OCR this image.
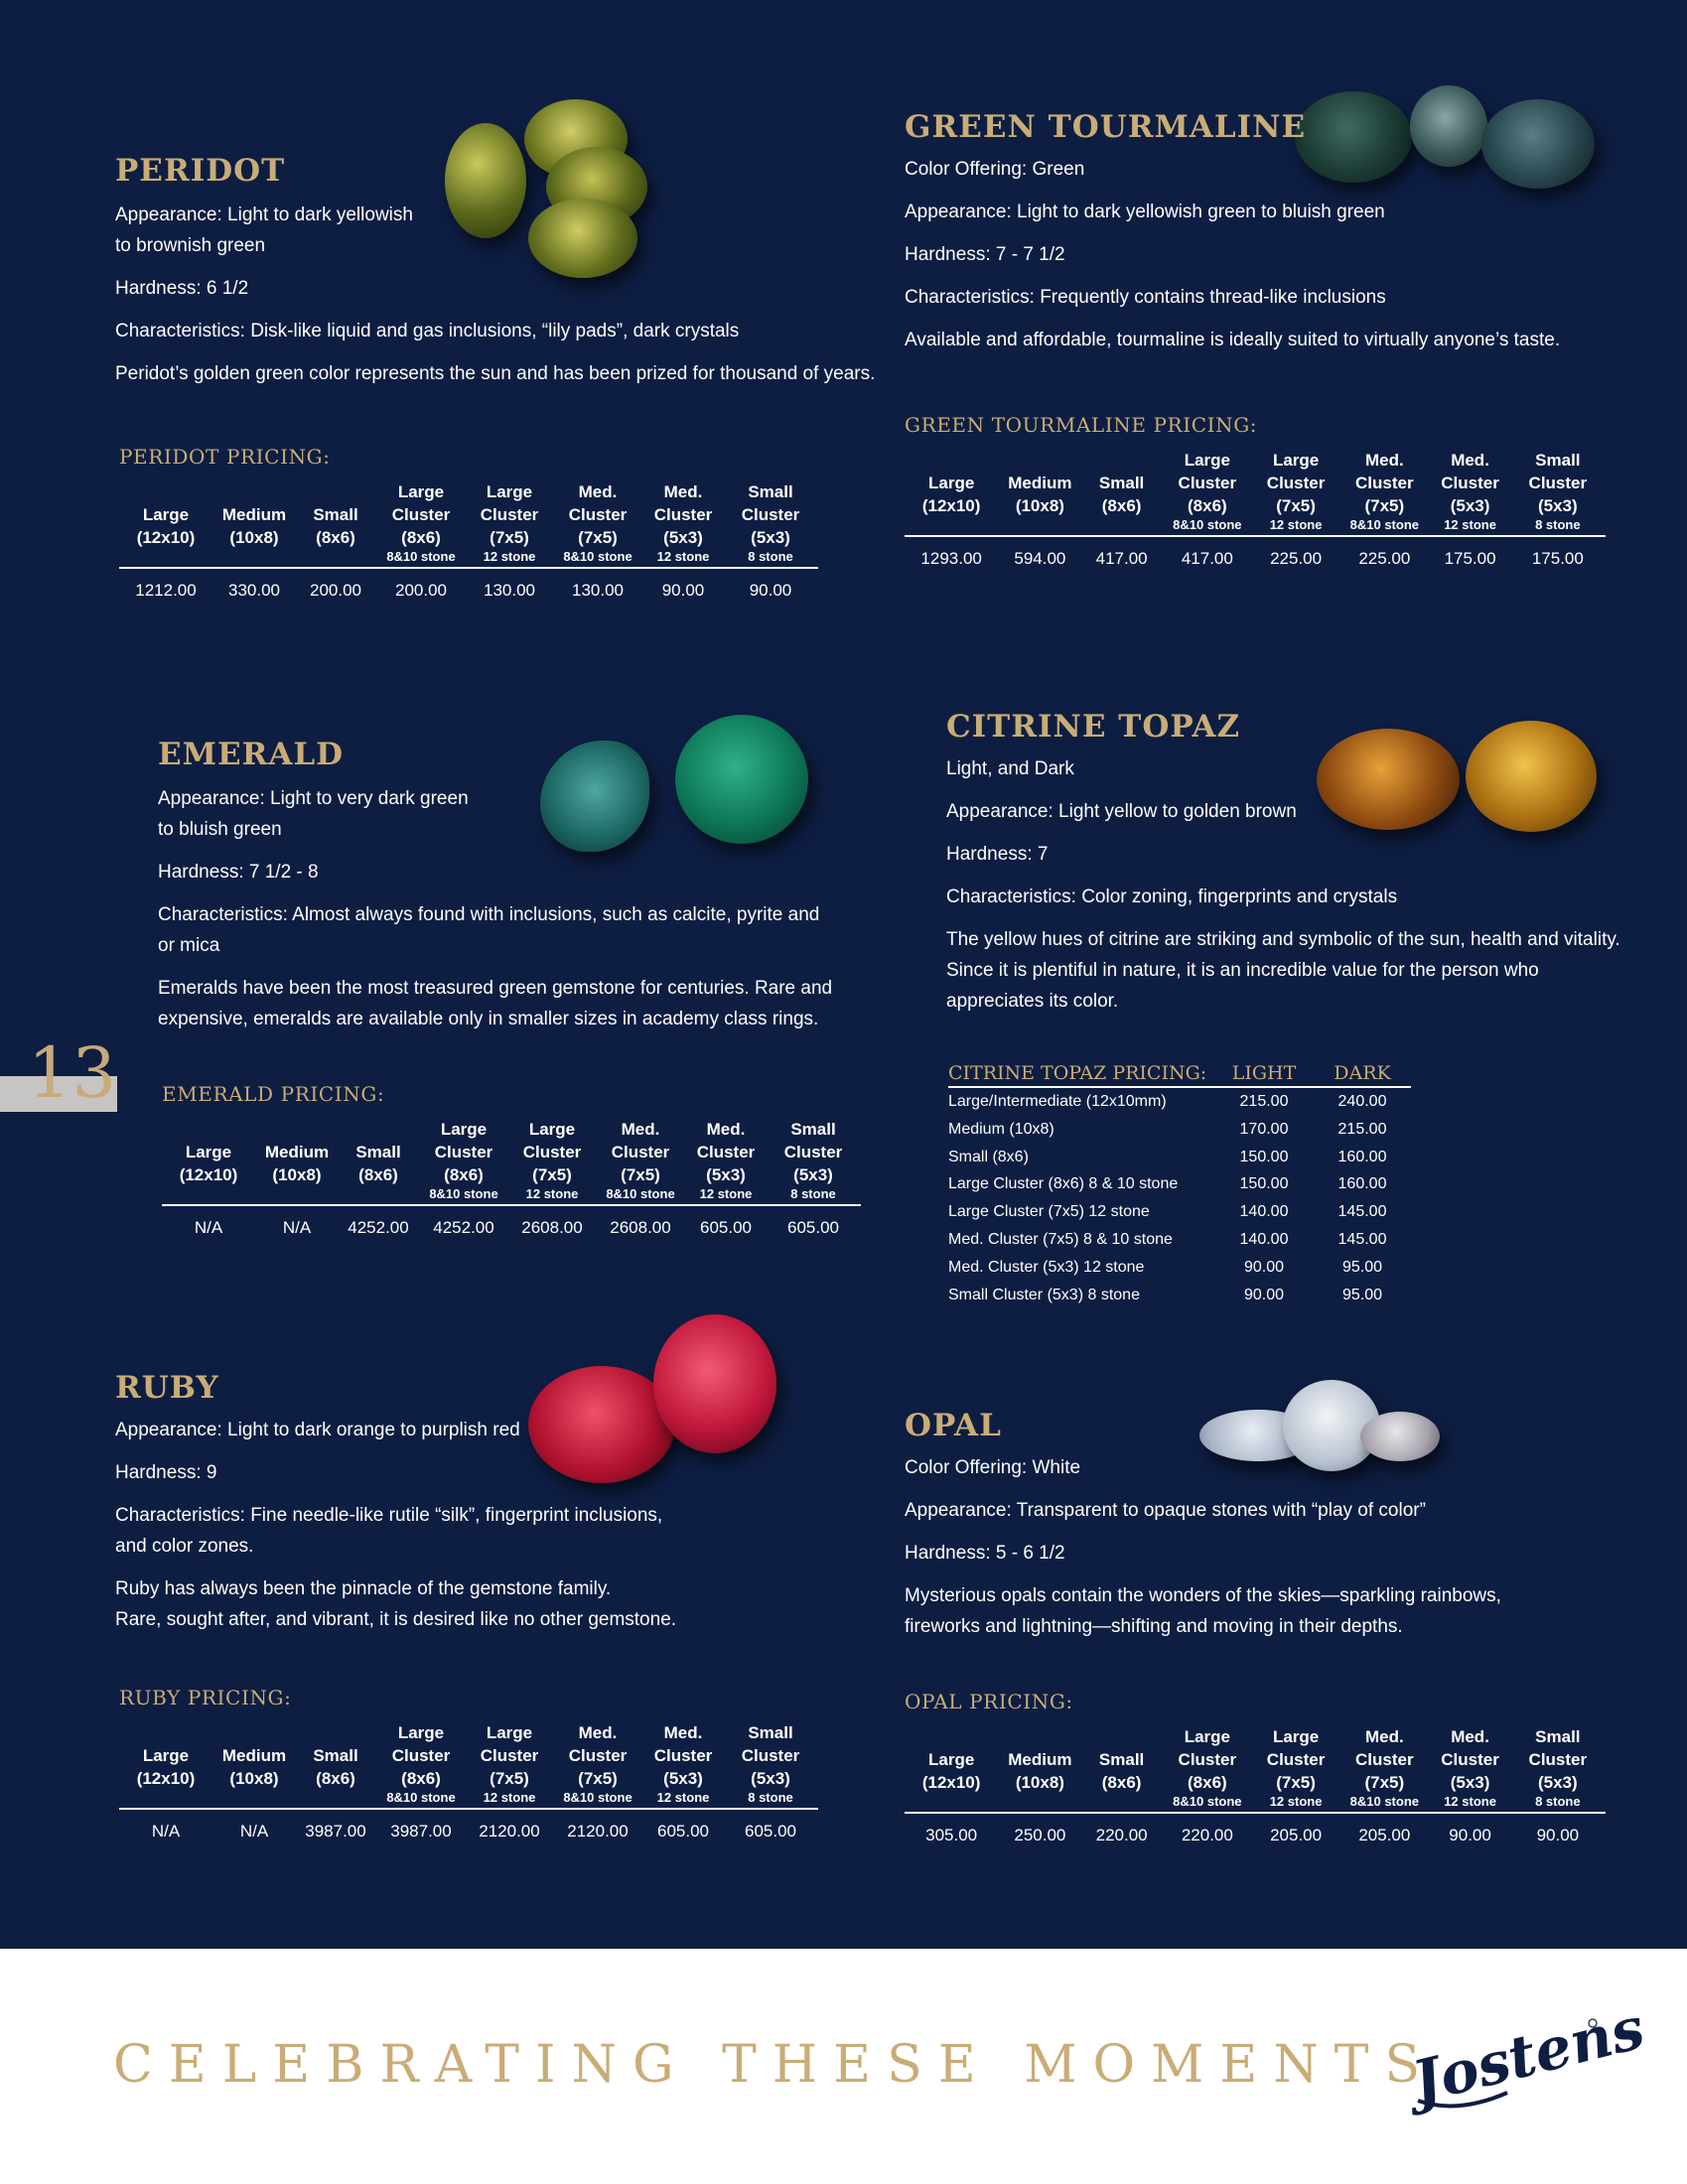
13
PERIDOT

Appearance: Light to dark yellowish

to brownish green

Hardness: 6 1/2

Characteristics: Disk-like liquid and gas inclusions, “lily pads”, dark crystals

Peridot’s golden green color represents the sun and has been prized for thousand of years.

PERIDOT PRICING:

Large
(12x10)	Medium
(10x8)	Small
(8x6)	Large
Cluster
(8x6)
8&10 stone	Large
Cluster
(7x5)
12 stone	Med.
Cluster
(7x5)
8&10 stone	Med.
Cluster
(5x3)
12 stone	Small
Cluster
(5x3)
8 stone

1212.00	330.00	200.00	200.00	130.00	130.00	90.00	90.00
GREEN TOURMALINE

Color Offering: Green

Appearance: Light to dark yellowish green to bluish green

Hardness: 7 - 7 1/2

Characteristics: Frequently contains thread-like inclusions

Available and affordable, tourmaline is ideally suited to virtually anyone’s taste.

GREEN TOURMALINE PRICING:

Large
(12x10)	Medium
(10x8)	Small
(8x6)	Large
Cluster
(8x6)
8&10 stone	Large
Cluster
(7x5)
12 stone	Med.
Cluster
(7x5)
8&10 stone	Med.
Cluster
(5x3)
12 stone	Small
Cluster
(5x3)
8 stone

1293.00	594.00	417.00	417.00	225.00	225.00	175.00	175.00
EMERALD

Appearance: Light to very dark green

to bluish green

Hardness: 7 1/2 - 8

Characteristics: Almost always found with inclusions, such as calcite, pyrite and

or mica

Emeralds have been the most treasured green gemstone for centuries. Rare and

expensive, emeralds are available only in smaller sizes in academy class rings.

EMERALD PRICING:

Large
(12x10)	Medium
(10x8)	Small
(8x6)	Large
Cluster
(8x6)
8&10 stone	Large
Cluster
(7x5)
12 stone	Med.
Cluster
(7x5)
8&10 stone	Med.
Cluster
(5x3)
12 stone	Small
Cluster
(5x3)
8 stone

N/A	N/A	4252.00	4252.00	2608.00	2608.00	605.00	605.00
CITRINE TOPAZ

Light, and Dark

Appearance: Light yellow to golden brown

Hardness: 7

Characteristics: Color zoning, fingerprints and crystals

The yellow hues of citrine are striking and symbolic of the sun, health and vitality.

Since it is plentiful in nature, it is an incredible value for the person who

appreciates its color.

CITRINE TOPAZ PRICING:	LIGHT	DARK
Large/Intermediate (12x10mm)	215.00	240.00
Medium (10x8)	170.00	215.00
Small (8x6)	150.00	160.00
Large Cluster (8x6) 8 & 10 stone	150.00	160.00
Large Cluster (7x5) 12 stone	140.00	145.00
Med. Cluster (7x5) 8 & 10 stone	140.00	145.00
Med. Cluster (5x3) 12 stone	90.00	95.00
Small Cluster (5x3) 8 stone	90.00	95.00
RUBY

Appearance: Light to dark orange to purplish red

Hardness: 9

Characteristics: Fine needle-like rutile “silk”, fingerprint inclusions,

and color zones.

Ruby has always been the pinnacle of the gemstone family.

Rare, sought after, and vibrant, it is desired like no other gemstone.

RUBY PRICING:

Large
(12x10)	Medium
(10x8)	Small
(8x6)	Large
Cluster
(8x6)
8&10 stone	Large
Cluster
(7x5)
12 stone	Med.
Cluster
(7x5)
8&10 stone	Med.
Cluster
(5x3)
12 stone	Small
Cluster
(5x3)
8 stone

N/A	N/A	3987.00	3987.00	2120.00	2120.00	605.00	605.00
OPAL

Color Offering: White

Appearance: Transparent to opaque stones with “play of color”

Hardness: 5 - 6 1/2

Mysterious opals contain the wonders of the skies—sparkling rainbows,

fireworks and lightning—shifting and moving in their depths.

OPAL PRICING:

Large
(12x10)	Medium
(10x8)	Small
(8x6)	Large
Cluster
(8x6)
8&10 stone	Large
Cluster
(7x5)
12 stone	Med.
Cluster
(7x5)
8&10 stone	Med.
Cluster
(5x3)
12 stone	Small
Cluster
(5x3)
8 stone

305.00	250.00	220.00	220.00	205.00	205.00	90.00	90.00
CELEBRATING THESE MOMENTS
Jostens
